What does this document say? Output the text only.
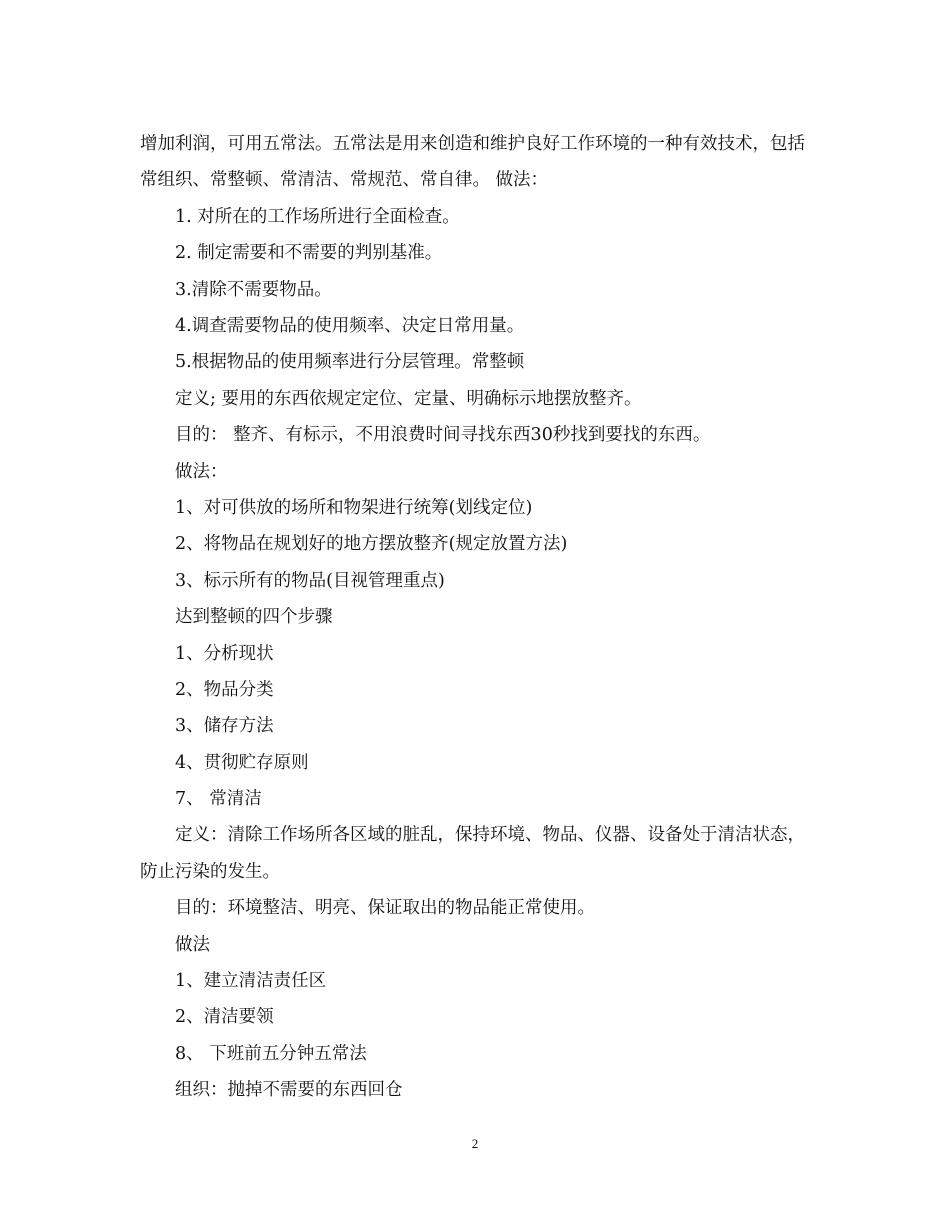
增加利润，可用五常法。五常法是用来创造和维护良好工作环境的一种有效技术，包括常组织、常整顿、常清洁、常规范、常自律。 做法：
1. 对所在的工作场所进行全面检查。
2. 制定需要和不需要的判别基准。
3.清除不需要物品。
4.调查需要物品的使用频率、决定日常用量。
5.根据物品的使用频率进行分层管理。常整顿
定义; 要用的东西依规定定位、定量、明确标示地摆放整齐。
目的： 整齐、有标示，不用浪费时间寻找东西30秒找到要找的东西。
做法：
1、对可供放的场所和物架进行统筹(划线定位)
2、将物品在规划好的地方摆放整齐(规定放置方法)
3、标示所有的物品(目视管理重点)
达到整顿的四个步骤
1、分析现状
2、物品分类
3、储存方法
4、贯彻贮存原则
7、 常清洁
定义：清除工作场所各区域的脏乱，保持环境、物品、仪器、设备处于清洁状态，防止污染的发生。
目的：环境整洁、明亮、保证取出的物品能正常使用。
做法
1、建立清洁责任区
2、清洁要领
8、 下班前五分钟五常法
组织：抛掉不需要的东西回仓
2
